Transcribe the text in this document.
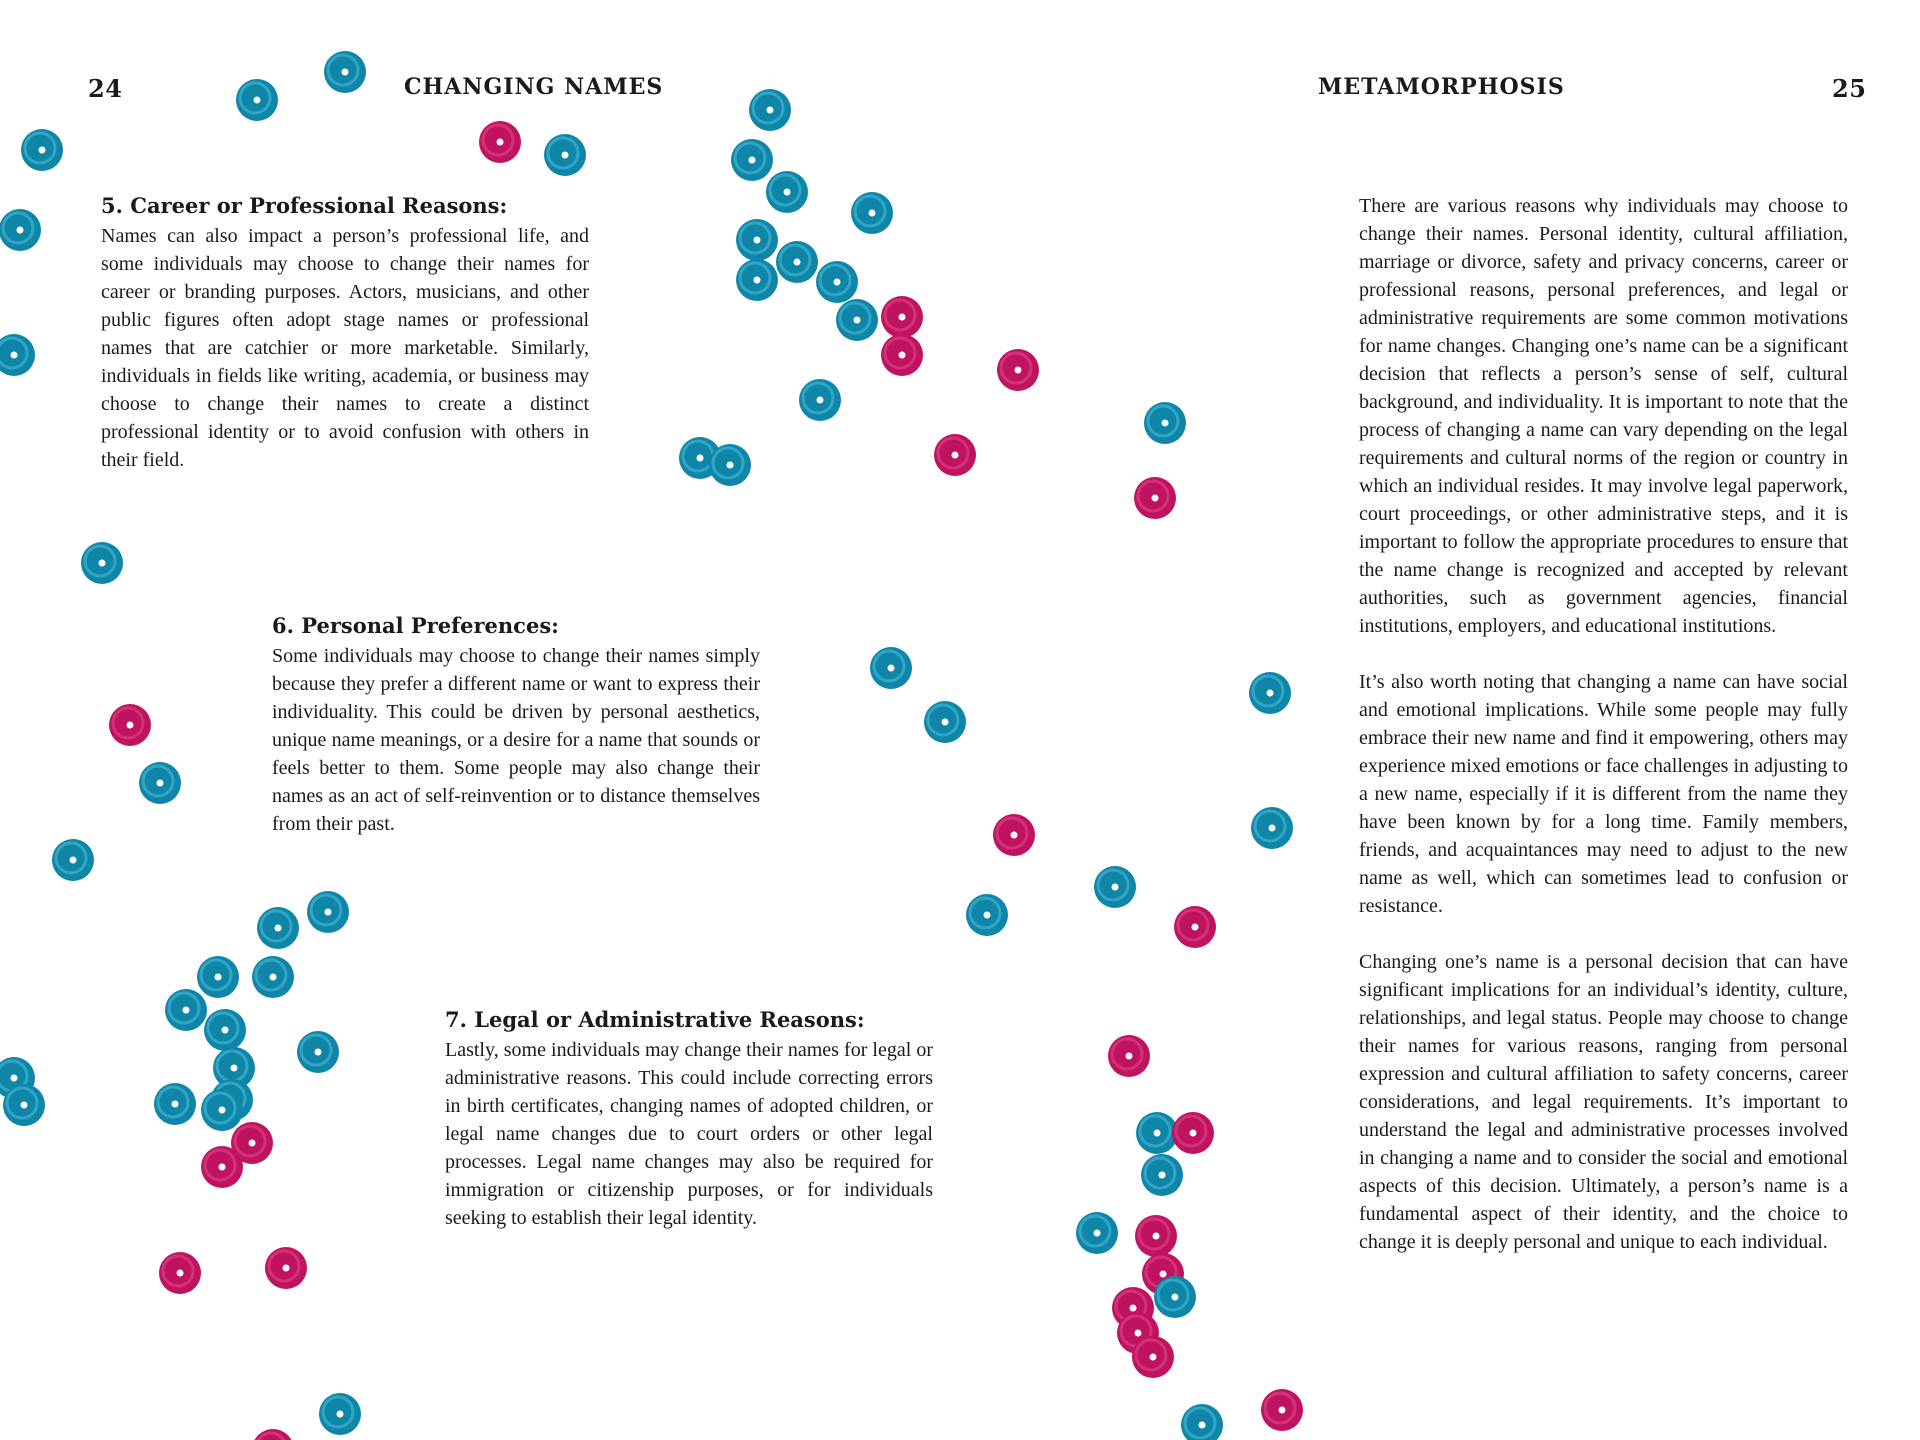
24	CHANGING NAMES
5. Career or Professional Reasons:

Names can also impact a person’s professional life, and some individuals may choose to change their names for career or branding purposes. Actors, musicians, and other public figures often adopt stage names or professional names that are catchier or more marketable. Similarly, individuals in fields like writing, academia, or business may choose to change their names to create a distinct professional identity or to avoid confusion with others in their field.

6. Personal Preferences:

Some individuals may choose to change their names simply because they prefer a different name or want to express their individuality. This could be driven by personal aesthetics, unique name meanings, or a desire for a name that sounds or feels better to them. Some people may also change their names as an act of self-reinvention or to distance themselves from their past.

7. Legal or Administrative Reasons:

Lastly, some individuals may change their names for legal or administrative reasons. This could include correcting errors in birth certificates, changing names of adopted children, or legal name changes due to court orders or other legal processes. Legal name changes may also be required for immigration or citizenship purposes, or for individuals seeking to establish their legal identity.

METAMORPHOSIS	25

There are various reasons why individuals may choose to change their names. Personal identity, cultural affiliation, marriage or divorce, safety and privacy concerns, career or professional reasons, personal preferences, and legal or administrative requirements are some common motivations for name changes. Changing one’s name can be a significant decision that reflects a person’s sense of self, cultural background, and individuality. It is important to note that the process of changing a name can vary depending on the legal requirements and cultural norms of the region or country in which an individual resides. It may involve legal paperwork, court proceedings, or other administrative steps, and it is important to follow the appropriate procedures to ensure that the name change is recognized and accepted by relevant authorities, such as government agencies, financial institutions, employers, and educational institutions.

It’s also worth noting that changing a name can have social and emotional implications. While some people may fully embrace their new name and find it empowering, others may experience mixed emotions or face challenges in adjusting to a new name, especially if it is different from the name they have been known by for a long time. Family members, friends, and acquaintances may need to adjust to the new name as well, which can sometimes lead to confusion or resistance.

Changing one’s name is a personal decision that can have significant implications for an individual’s identity, culture, relationships, and legal status. People may choose to change their names for various reasons, ranging from personal expression and cultural affiliation to safety concerns, career considerations, and legal requirements. It’s important to understand the legal and administrative processes involved in changing a name and to consider the social and emotional aspects of this decision. Ultimately, a person’s name is a fundamental aspect of their identity, and the choice to change it is deeply personal and unique to each individual.
